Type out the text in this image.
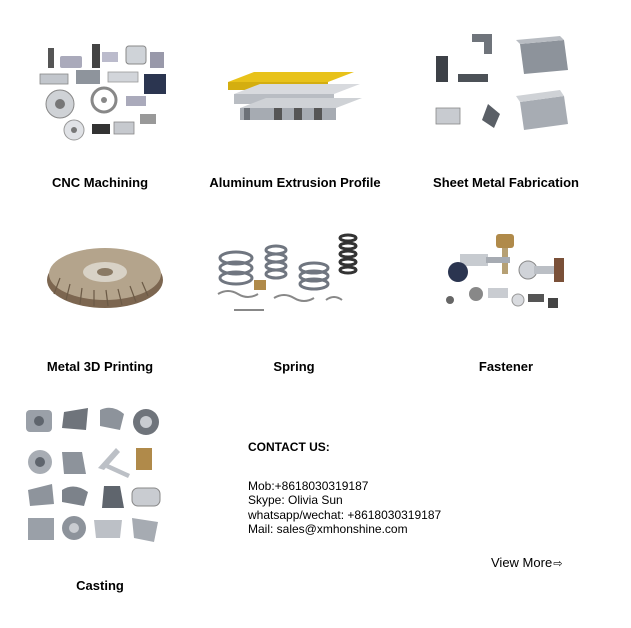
CNC Machining	Aluminum Extrusion Profile	Sheet Metal Fabrication
Metal 3D Printing	Spring	Fastener
Casting
CONTACT US:
Mob:+8618030319187
Skype: Olivia Sun
whatsapp/wechat: +8618030319187
Mail: sales@xmhonshine.com
View More⇨
